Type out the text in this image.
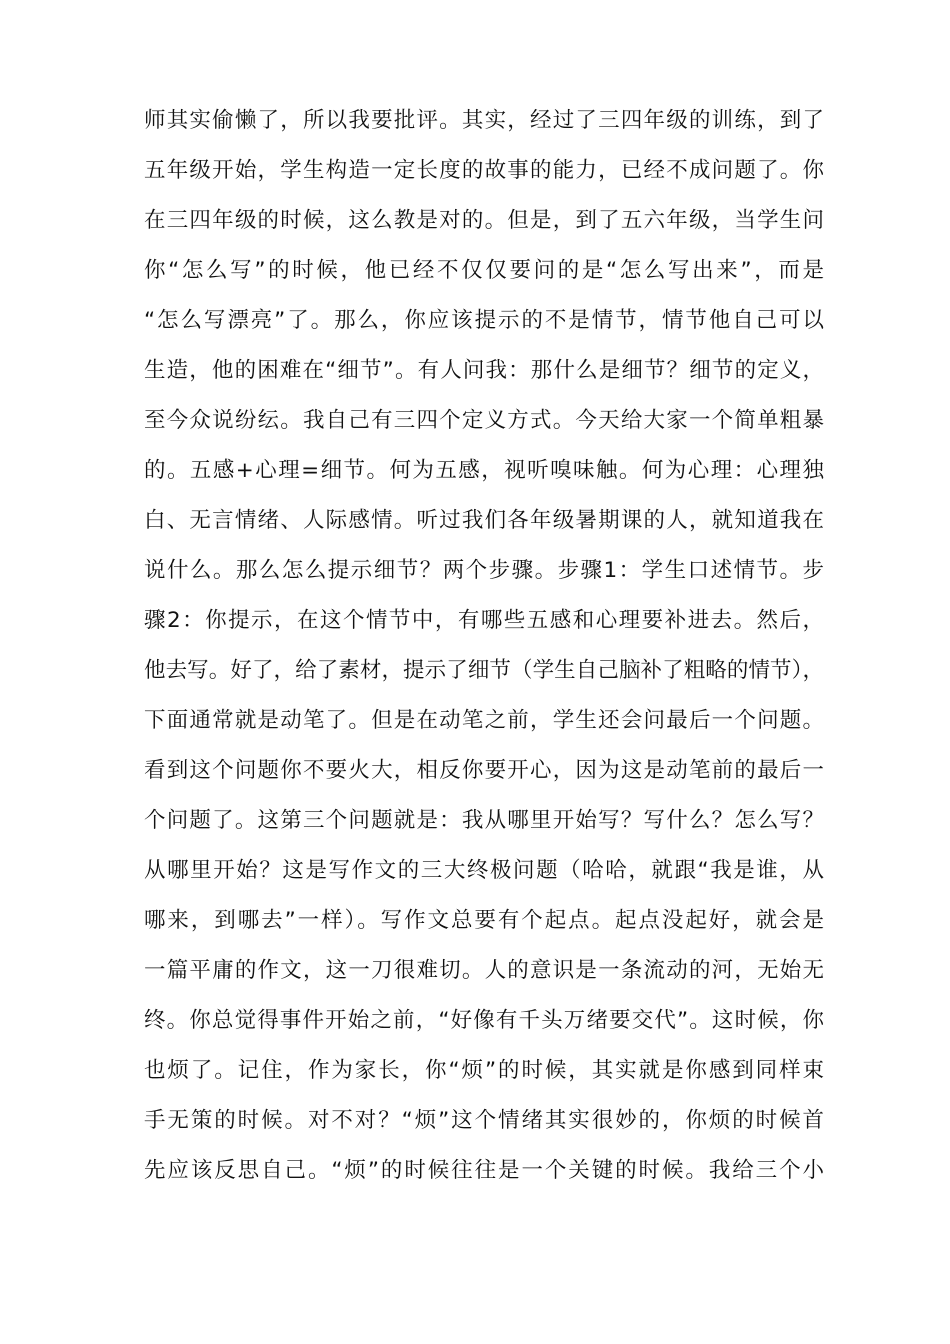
师其实偷懒了，所以我要批评。其实，经过了三四年级的训练，到了
五年级开始，学生构造一定长度的故事的能力，已经不成问题了。你
在三四年级的时候，这么教是对的。但是，到了五六年级，当学生问
你“怎么写”的时候，他已经不仅仅要问的是“怎么写出来”，而是
“怎么写漂亮”了。那么，你应该提示的不是情节，情节他自己可以
生造，他的困难在“细节”。有人问我：那什么是细节？细节的定义，
至今众说纷纭。我自己有三四个定义方式。今天给大家一个简单粗暴
的。五感+心理=细节。何为五感，视听嗅味触。何为心理：心理独
白、无言情绪、人际感情。听过我们各年级暑期课的人，就知道我在
说什么。那么怎么提示细节？两个步骤。步骤1：学生口述情节。步
骤2：你提示，在这个情节中，有哪些五感和心理要补进去。然后，
他去写。好了，给了素材，提示了细节（学生自己脑补了粗略的情节），
下面通常就是动笔了。但是在动笔之前，学生还会问最后一个问题。
看到这个问题你不要火大，相反你要开心，因为这是动笔前的最后一
个问题了。这第三个问题就是：我从哪里开始写？写什么？怎么写？
从哪里开始？这是写作文的三大终极问题（哈哈，就跟“我是谁，从
哪来，到哪去”一样）。写作文总要有个起点。起点没起好，就会是
一篇平庸的作文，这一刀很难切。人的意识是一条流动的河，无始无
终。你总觉得事件开始之前，“好像有千头万绪要交代”。这时候，你
也烦了。记住，作为家长，你“烦”的时候，其实就是你感到同样束
手无策的时候。对不对？“烦”这个情绪其实很妙的，你烦的时候首
先应该反思自己。“烦”的时候往往是一个关键的时候。我给三个小
